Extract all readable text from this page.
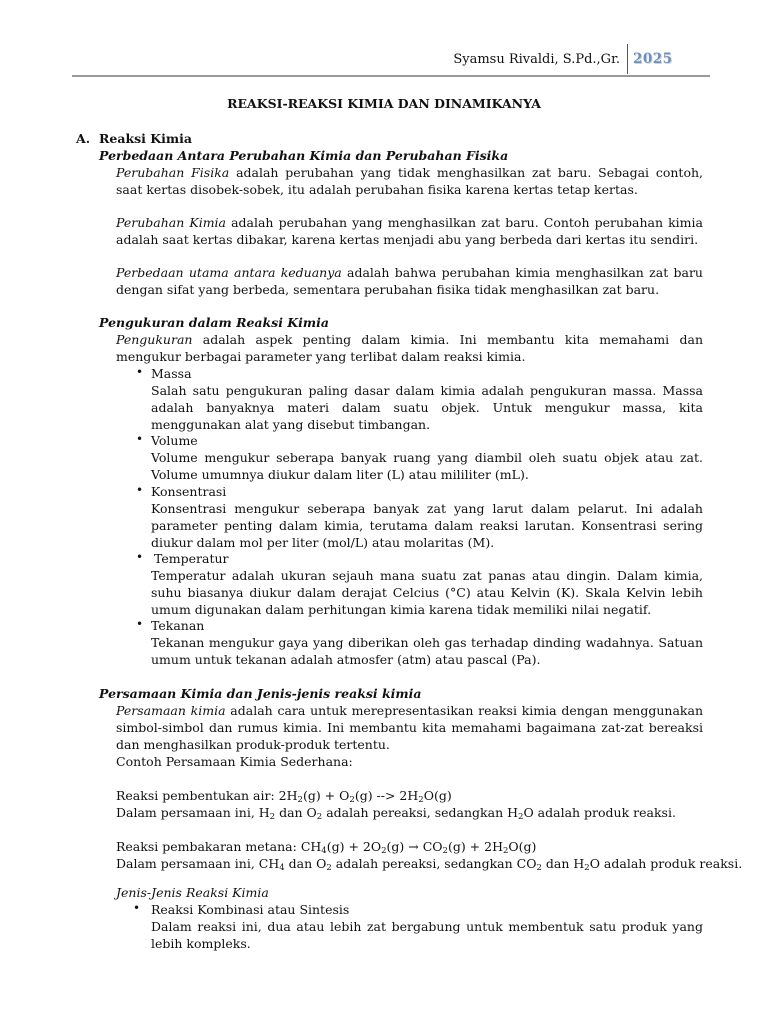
Syamsu Rivaldi, S.Pd.,Gr. 2025
REAKSI-REAKSI KIMIA DAN DINAMIKANYA
A. Reaksi Kimia
Perbedaan Antara Perubahan Kimia dan Perubahan Fisika
Perubahan Fisika adalah perubahan yang tidak menghasilkan zat baru. Sebagai contoh, saat kertas disobek-sobek, itu adalah perubahan fisika karena kertas tetap kertas.
Perubahan Kimia adalah perubahan yang menghasilkan zat baru. Contoh perubahan kimia adalah saat kertas dibakar, karena kertas menjadi abu yang berbeda dari kertas itu sendiri.
Perbedaan utama antara keduanya adalah bahwa perubahan kimia menghasilkan zat baru dengan sifat yang berbeda, sementara perubahan fisika tidak menghasilkan zat baru.
Pengukuran dalam Reaksi Kimia
Pengukuran adalah aspek penting dalam kimia. Ini membantu kita memahami dan mengukur berbagai parameter yang terlibat dalam reaksi kimia.
• Massa
Salah satu pengukuran paling dasar dalam kimia adalah pengukuran massa. Massa adalah banyaknya materi dalam suatu objek. Untuk mengukur massa, kita menggunakan alat yang disebut timbangan.
• Volume
Volume mengukur seberapa banyak ruang yang diambil oleh suatu objek atau zat. Volume umumnya diukur dalam liter (L) atau mililiter (mL).
• Konsentrasi
Konsentrasi mengukur seberapa banyak zat yang larut dalam pelarut. Ini adalah parameter penting dalam kimia, terutama dalam reaksi larutan. Konsentrasi sering diukur dalam mol per liter (mol/L) atau molaritas (M).
• Temperatur
Temperatur adalah ukuran sejauh mana suatu zat panas atau dingin. Dalam kimia, suhu biasanya diukur dalam derajat Celcius (°C) atau Kelvin (K). Skala Kelvin lebih umum digunakan dalam perhitungan kimia karena tidak memiliki nilai negatif.
• Tekanan
Tekanan mengukur gaya yang diberikan oleh gas terhadap dinding wadahnya. Satuan umum untuk tekanan adalah atmosfer (atm) atau pascal (Pa).
Persamaan Kimia dan Jenis-jenis reaksi kimia
Persamaan kimia adalah cara untuk merepresentasikan reaksi kimia dengan menggunakan simbol-simbol dan rumus kimia. Ini membantu kita memahami bagaimana zat-zat bereaksi dan menghasilkan produk-produk tertentu.
Contoh Persamaan Kimia Sederhana:
Reaksi pembentukan air: $2H_2(g) + O_2(g)$ --> $2H_2O(g)$
Dalam persamaan ini, $H_2$ dan $O_2$ adalah pereaksi, sedangkan $H_2O$ adalah produk reaksi.
Reaksi pembakaran metana: $CH_4(g) + 2O_2(g) \to CO_2(g) + 2H_2O(g)$
Dalam persamaan ini, $CH_4$ dan $O_2$ adalah pereaksi, sedangkan $CO_2$ dan $H_2O$ adalah produk reaksi.
Jenis-Jenis Reaksi Kimia
• Reaksi Kombinasi atau Sintesis
Dalam reaksi ini, dua atau lebih zat bergabung untuk membentuk satu produk yang lebih kompleks.
